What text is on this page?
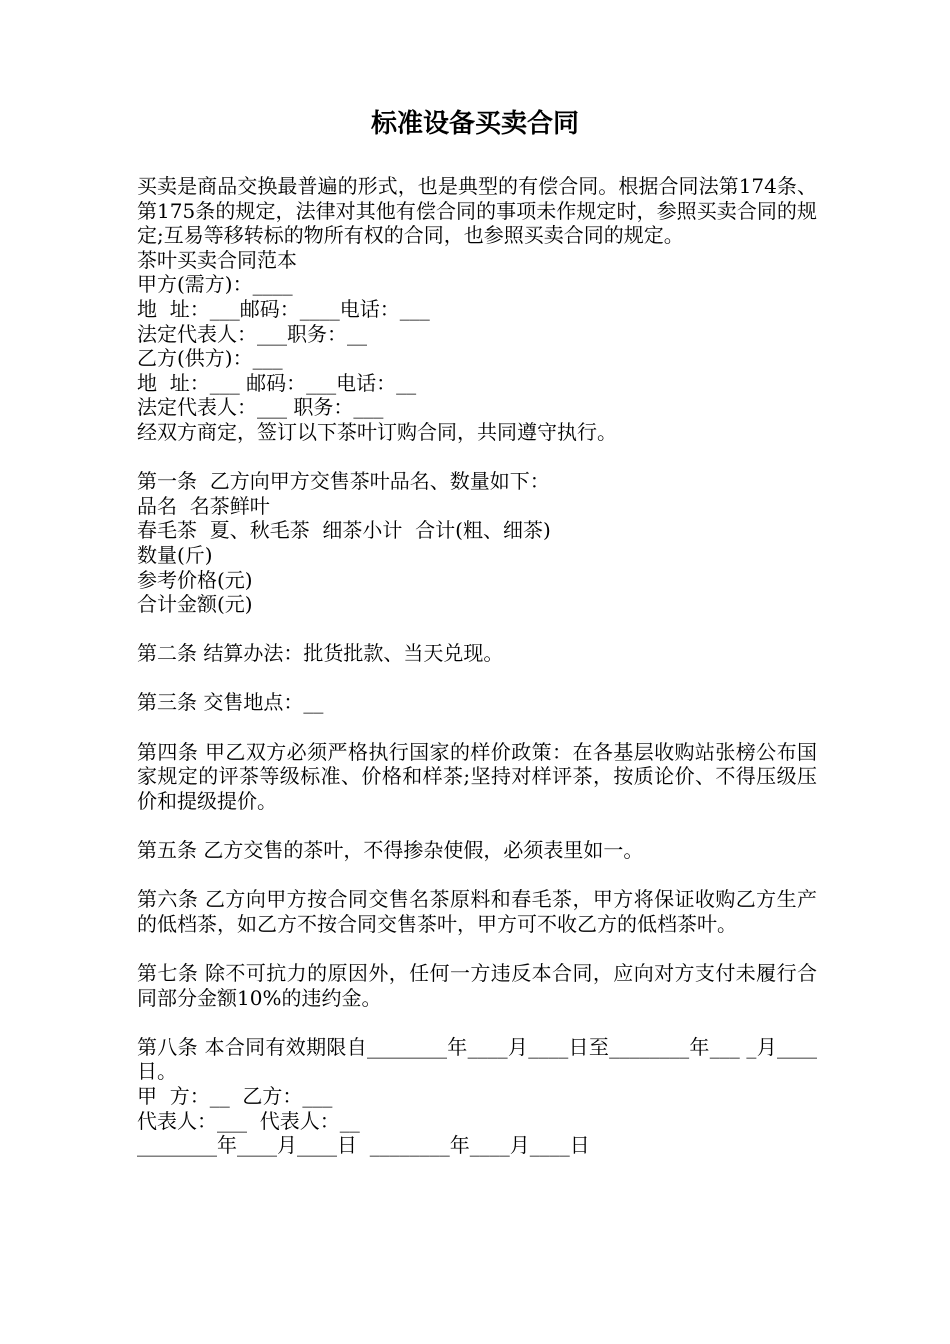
标准设备买卖合同

买卖是商品交换最普遍的形式，也是典型的有偿合同。根据合同法第174条、第175条的规定，法律对其他有偿合同的事项未作规定时，参照买卖合同的规定;互易等移转标的物所有权的合同，也参照买卖合同的规定。

茶叶买卖合同范本
甲方(需方)：____
地  址：___邮码：____电话：___
法定代表人：___职务：__
乙方(供方)：___
地  址：___ 邮码：___电话：__
法定代表人：___ 职务：___
经双方商定，签订以下茶叶订购合同，共同遵守执行。
第一条  乙方向甲方交售茶叶品名、数量如下：
品名  名茶鲜叶
春毛茶  夏、秋毛茶  细茶小计  合计(粗、细茶)
数量(斤)
参考价格(元)
合计金额(元)

第二条 结算办法：批货批款、当天兑现。

第三条 交售地点：__

第四条 甲乙双方必须严格执行国家的样价政策：在各基层收购站张榜公布国家规定的评茶等级标准、价格和样茶;坚持对样评茶，按质论价、不得压级压价和提级提价。

第五条 乙方交售的茶叶，不得掺杂使假，必须表里如一。

第六条 乙方向甲方按合同交售名茶原料和春毛茶，甲方将保证收购乙方生产的低档茶，如乙方不按合同交售茶叶，甲方可不收乙方的低档茶叶。

第七条 除不可抗力的原因外，任何一方违反本合同，应向对方支付未履行合同部分金额10%的违约金。

第八条 本合同有效期限自________年____月____日至________年___ _月____日。

甲  方：__  乙方：___
代表人：___  代表人：__
________年____月____日  ________年____月____日
